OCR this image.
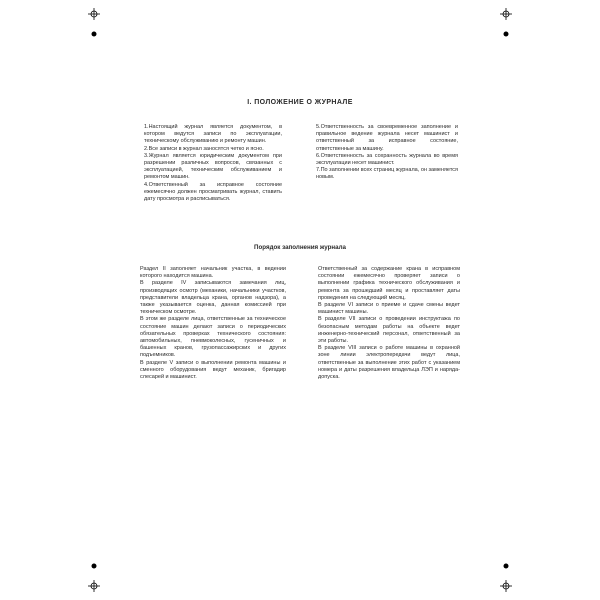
I. ПОЛОЖЕНИЕ О ЖУРНАЛЕ

1.Настоящий журнал является документом, в котором ведутся записи по эксплуатации, техническому обслуживанию и ремонту машин.

2.Все записи в журнал заносятся четко и ясно.

3.Журнал является юридическим документом при разрешении различных вопросов, связанных с эксплуатацией, техническим обслуживанием и ремонтом машин.

4.Ответственный за исправное состояние ежемесячно должен просматривать журнал, ставить дату просмотра и расписываться.

5.Ответственность за своевременное заполнение и правильное ведение журнала несет машинист и ответственный за исправное состояние, ответственные за машину.

6.Ответственность за сохранность журнала во время эксплуатации несет машинист.

7.По заполнении всех страниц журнала, он заменяется новым.

Порядок заполнения журнала

Раздел II заполняет начальник участка, в ведении которого находится машина.

В разделе IV записываются замечания лиц, производящих осмотр (механики, начальники участков, представители владельца крана, органов надзора), а также указывается оценка, данная комиссией при техническом осмотре.

В этом же разделе лица, ответственные за техническое состояние машин делают записи о периодических обязательных проверках технического состояния: автомобильных, пневмоколесных, гусеничных и башенных кранов, грузопассажирских и других подъемников.

В разделе V записи о выполнении ремонта машины и сменного оборудования ведут механик, бригадир слесарей и машинист.

Ответственный за содержание крана в исправном состоянии ежемесячно проверяет записи о выполнении графика технического обслуживания и ремонта за прошедший месяц и проставляет даты проведения на следующий месяц.

В разделе VI записи о приеме и сдаче смены ведет машинист машины.

В разделе VII записи о проведении инструктажа по безопасным методам работы на объекте ведет инженерно-технический персонал, ответственный за эти работы.

В разделе VIII записи о работе машины в охранной зоне линии электропередачи ведут лица, ответственные за выполнение этих работ с указанием номера и даты разрешения владельца ЛЭП и наряда-допуска.
